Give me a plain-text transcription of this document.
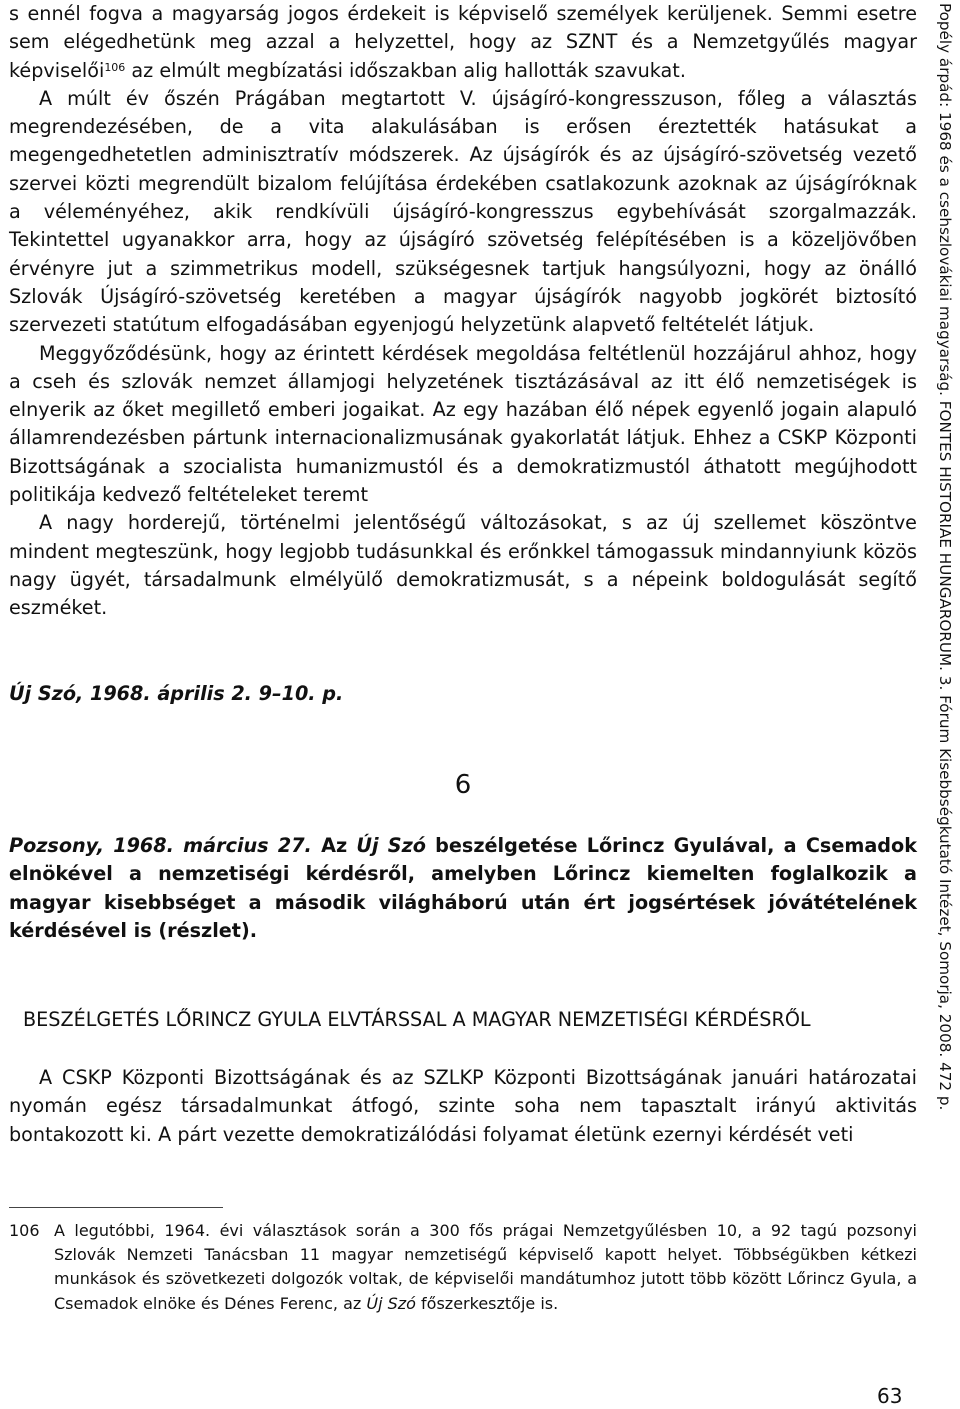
s ennél fogva a magyarság jogos érdekeit is képviselő személyek kerüljenek. Semmi esetre sem elégedhetünk meg azzal a helyzettel, hogy az SZNT és a Nemzetgyűlés magyar képviselői$^{106}$ az elmúlt megbízatási időszakban alig hallották szavukat.

A múlt év őszén Prágában megtartott V. újságíró-kongresszuson, főleg a választás megrendezésében, de a vita alakulásában is erősen éreztették hatásukat a megengedhetetlen adminisztratív módszerek. Az újságírók és az újságíró-szövetség vezető szervei közti megrendült bizalom felújítása érdekében csatlakozunk azoknak az újságíróknak a véleményéhez, akik rendkívüli újságíró-kongresszus egybehívását szorgalmazzák. Tekintettel ugyanakkor arra, hogy az újságíró szövetség felépítésében is a közeljövőben érvényre jut a szimmetrikus modell, szükségesnek tartjuk hangsúlyozni, hogy az önálló Szlovák Újságíró-szövetség keretében a magyar újságírók nagyobb jogkörét biztosító szervezeti statútum elfogadásában egyenjogú helyzetünk alapvető feltételét látjuk.

Meggyőződésünk, hogy az érintett kérdések megoldása feltétlenül hozzájárul ahhoz, hogy a cseh és szlovák nemzet államjogi helyzetének tisztázásával az itt élő nemzetiségek is elnyerik az őket megillető emberi jogaikat. Az egy hazában élő népek egyenlő jogain alapuló államrendezésben pártunk internacionalizmusának gyakorlatát látjuk. Ehhez a CSKP Központi Bizottságának a szocialista humanizmustól és a demokratizmustól áthatott megújhodott politikája kedvező feltételeket teremt

A nagy horderejű, történelmi jelentőségű változásokat, s az új szellemet köszöntve mindent megteszünk, hogy legjobb tudásunkkal és erőnkkel támogassuk mindannyiunk közös nagy ügyét, társadalmunk elmélyülő demokratizmusát, s a népeink boldogulását segítő eszméket.

Új Szó, 1968. április 2. 9–10. p.

6

Pozsony, 1968. március 27. Az Új Szó beszélgetése Lőrincz Gyulával, a Csemadok elnökével a nemzetiségi kérdésről, amelyben Lőrincz kiemelten foglalkozik a magyar kisebbséget a második világháború után ért jogsértések jóvátételének kérdésével is (részlet).

BESZÉLGETÉS LŐRINCZ GYULA ELVTÁRSSAL A MAGYAR NEMZETISÉGI KÉRDÉSRŐL

A CSKP Központi Bizottságának és az SZLKP Központi Bizottságának januári határozatai nyomán egész társadalmunkat átfogó, szinte soha nem tapasztalt irányú aktivitás bontakozott ki. A párt vezette demokratizálódási folyamat életünk ezernyi kérdését veti

106 A legutóbbi, 1964. évi választások során a 300 fős prágai Nemzetgyűlésben 10, a 92 tagú pozsonyi Szlovák Nemzeti Tanácsban 11 magyar nemzetiségű képviselő kapott helyet. Többségükben kétkezi munkások és szövetkezeti dolgozók voltak, de képviselői mandátumhoz jutott több között Lőrincz Gyula, a Csemadok elnöke és Dénes Ferenc, az Új Szó főszerkesztője is.
Popély árpád: 1968 és a csehszlovákiai magyarság. FONTES HISTORIAE HUNGARORUM. 3. Fórum Kisebbségkutató Intézet, Somorja, 2008. 472 p.
63
